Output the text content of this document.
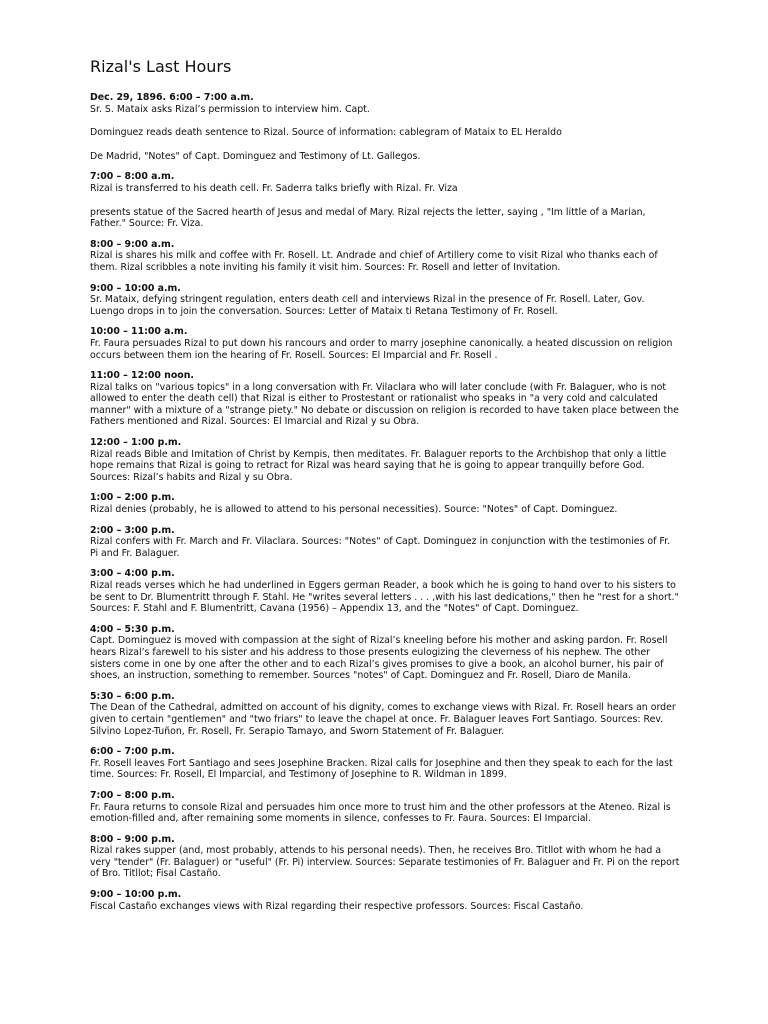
Rizal's Last Hours

Dec. 29, 1896. 6:00 – 7:00 a.m.

Sr. S. Mataix asks Rizal’s permission to interview him. Capt.

Dominguez reads death sentence to Rizal. Source of information: cablegram of Mataix to EL Heraldo

De Madrid, "Notes" of Capt. Dominguez and Testimony of Lt. Gallegos.

7:00 – 8:00 a.m.

Rizal is transferred to his death cell. Fr. Saderra talks briefly with Rizal. Fr. Viza

presents statue of the Sacred hearth of Jesus and medal of Mary. Rizal rejects the letter, saying , "Im little of a Marian, Father." Source: Fr. Viza.

8:00 – 9:00 a.m.

Rizal is shares his milk and coffee with Fr. Rosell. Lt. Andrade and chief of Artillery come to visit Rizal who thanks each of them. Rizal scribbles a note inviting his family it visit him. Sources: Fr. Rosell and letter of Invitation.

9:00 – 10:00 a.m.

Sr. Mataix, defying stringent regulation, enters death cell and interviews Rizal in the presence of Fr. Rosell. Later, Gov. Luengo drops in to join the conversation. Sources: Letter of Mataix ti Retana Testimony of Fr. Rosell.

10:00 – 11:00 a.m.

Fr. Faura persuades Rizal to put down his rancours and order to marry josephine canonically. a heated discussion on religion occurs between them ion the hearing of Fr. Rosell. Sources: El Imparcial and Fr. Rosell .

11:00 – 12:00 noon.

Rizal talks on "various topics" in a long conversation with Fr. Vilaclara who will later conclude (with Fr. Balaguer, who is not allowed to enter the death cell) that Rizal is either to Prostestant or rationalist who speaks in "a very cold and calculated manner" with a mixture of a "strange piety." No debate or discussion on religion is recorded to have taken place between the Fathers mentioned and Rizal. Sources: El Imarcial and Rizal y su Obra.

12:00 – 1:00 p.m.

Rizal reads Bible and Imitation of Christ by Kempis, then meditates. Fr. Balaguer reports to the Archbishop that only a little hope remains that Rizal is going to retract for Rizal was heard saying that he is going to appear tranquilly before God. Sources: Rizal’s habits and Rizal y su Obra.

1:00 – 2:00 p.m.

Rizal denies (probably, he is allowed to attend to his personal necessities). Source: "Notes" of Capt. Dominguez.

2:00 – 3:00 p.m.

Rizal confers with Fr. March and Fr. Vilaclara. Sources: "Notes" of Capt. Dominguez in conjunction with the testimonies of Fr. Pi and Fr. Balaguer.

3:00 – 4:00 p.m.

Rizal reads verses which he had underlined in Eggers german Reader, a book which he is going to hand over to his sisters to be sent to Dr. Blumentritt through F. Stahl. He "writes several letters . . . ,with his last dedications," then he "rest for a short." Sources: F. Stahl and F. Blumentritt, Cavana (1956) – Appendix 13, and the "Notes" of Capt. Dominguez.

4:00 – 5:30 p.m.

Capt. Dominguez is moved with compassion at the sight of Rizal’s kneeling before his mother and asking pardon. Fr. Rosell hears Rizal’s farewell to his sister and his address to those presents eulogizing the cleverness of his nephew. The other sisters come in one by one after the other and to each Rizal’s gives promises to give a book, an alcohol burner, his pair of shoes, an instruction, something to remember. Sources "notes" of Capt. Dominguez and Fr. Rosell, Diaro de Manila.

5:30 – 6:00 p.m.

The Dean of the Cathedral, admitted on account of his dignity, comes to exchange views with Rizal. Fr. Rosell hears an order given to certain "gentlemen" and "two friars" to leave the chapel at once. Fr. Balaguer leaves Fort Santiago. Sources: Rev. Silvino Lopez-Tuñon, Fr. Rosell, Fr. Serapio Tamayo, and Sworn Statement of Fr. Balaguer.

6:00 – 7:00 p.m.

Fr. Rosell leaves Fort Santiago and sees Josephine Bracken. Rizal calls for Josephine and then they speak to each for the last time. Sources: Fr. Rosell, El Imparcial, and Testimony of Josephine to R. Wildman in 1899.

7:00 – 8:00 p.m.

Fr. Faura returns to console Rizal and persuades him once more to trust him and the other professors at the Ateneo. Rizal is emotion-filled and, after remaining some moments in silence, confesses to Fr. Faura. Sources: El Imparcial.

8:00 – 9:00 p.m.

Rizal rakes supper (and, most probably, attends to his personal needs). Then, he receives Bro. Titllot with whom he had a very "tender" (Fr. Balaguer) or "useful" (Fr. Pi) interview. Sources: Separate testimonies of Fr. Balaguer and Fr. Pi on the report of Bro. Titllot; Fisal Castaño.

9:00 – 10:00 p.m.

Fiscal Castaño exchanges views with Rizal regarding their respective professors. Sources: Fiscal Castaño.
